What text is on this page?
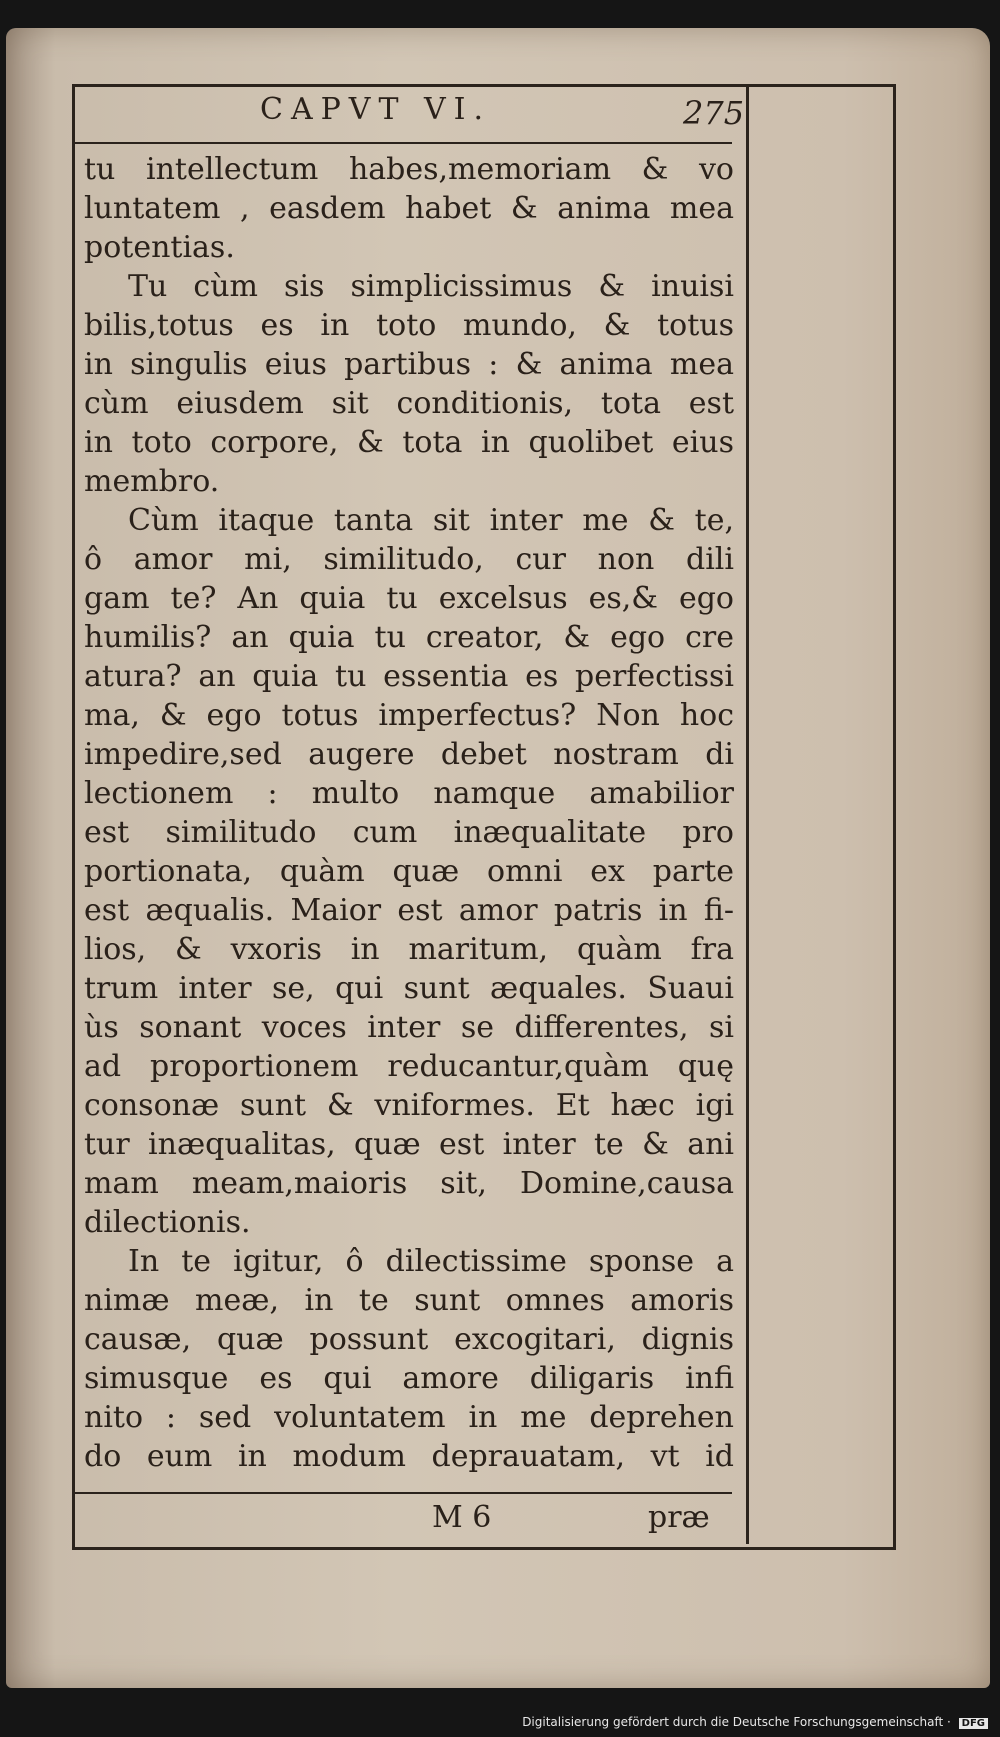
CAPVT VI.	275
tu intellectum habes,memoriam & vo
luntatem , easdem habet & anima mea
potentias.
Tu cùm sis simplicissimus & inuisi
bilis,totus es in toto mundo, & totus
in singulis eius partibus : & anima mea
cùm eiusdem sit conditionis, tota est
in toto corpore, & tota in quolibet eius
membro.
Cùm itaque tanta sit inter me & te,
ô amor mi, similitudo, cur non dili
gam te? An quia tu excelsus es,& ego
humilis? an quia tu creator, & ego cre
atura? an quia tu essentia es perfectissi
ma, & ego totus imperfectus? Non hoc
impedire,sed augere debet nostram di
lectionem : multo namque amabilior
est similitudo cum inæqualitate pro
portionata, quàm quæ omni ex parte
est æqualis. Maior est amor patris in fi-
lios, & vxoris in maritum, quàm fra
trum inter se, qui sunt æquales. Suaui
ùs sonant voces inter se differentes, si
ad proportionem reducantur,quàm quę
consonæ sunt & vniformes. Et hæc igi
tur inæqualitas, quæ est inter te & ani
mam meam,maioris sit, Domine,causa
dilectionis.
In te igitur, ô dilectissime sponse a
nimæ meæ, in te sunt omnes amoris
causæ, quæ possunt excogitari, dignis
simusque es qui amore diligaris infi
nito : sed voluntatem in me deprehen
do eum in modum deprauatam, vt id
M 6	præ
Digitalisierung gefördert durch die Deutsche Forschungsgemeinschaft · DFG
